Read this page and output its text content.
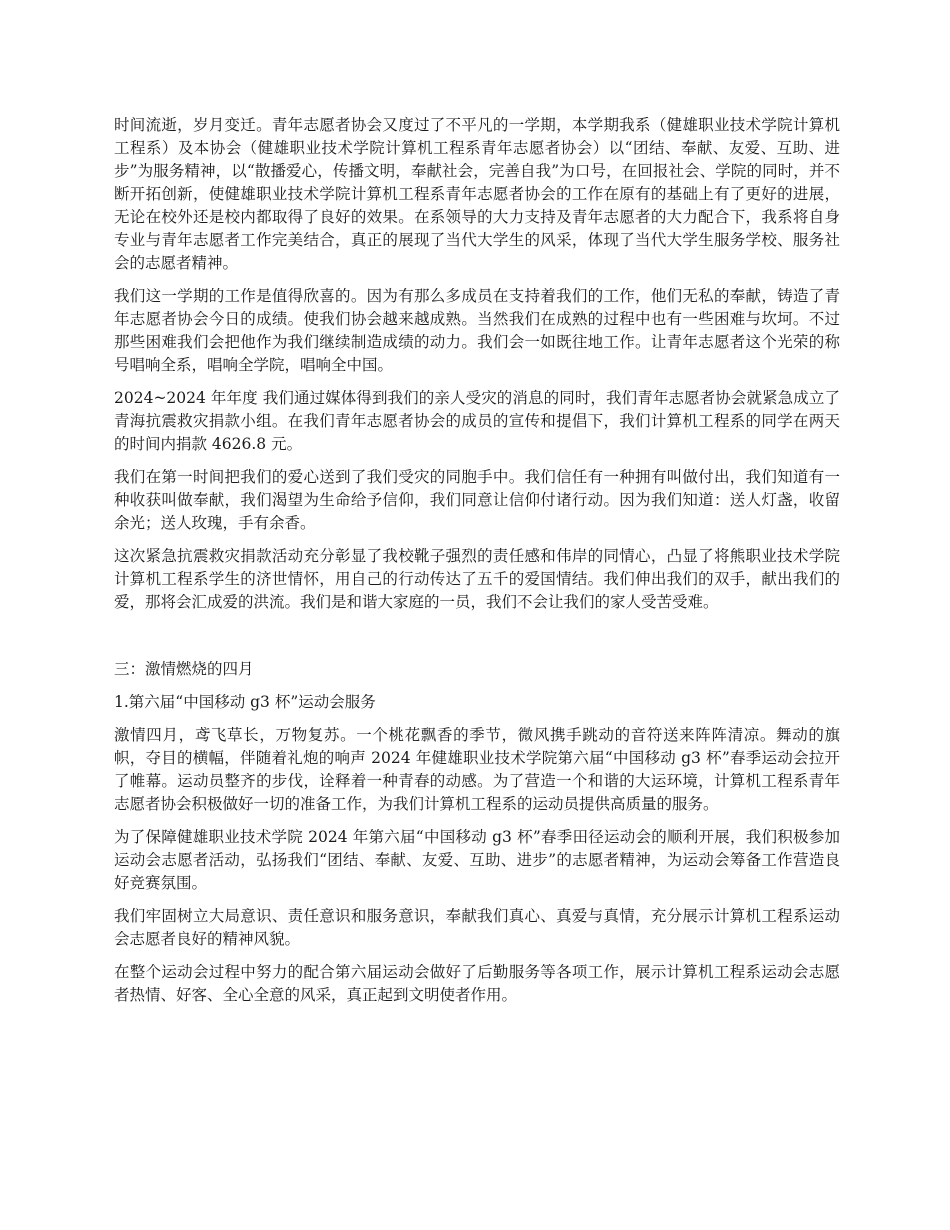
时间流逝，岁月变迁。青年志愿者协会又度过了不平凡的一学期，本学期我系（健雄职业技术学院计算机工程系）及本协会（健雄职业技术学院计算机工程系青年志愿者协会）以“团结、奉献、友爱、互助、进步”为服务精神，以“散播爱心，传播文明，奉献社会，完善自我”为口号，在回报社会、学院的同时，并不断开拓创新，使健雄职业技术学院计算机工程系青年志愿者协会的工作在原有的基础上有了更好的进展，无论在校外还是校内都取得了良好的效果。在系领导的大力支持及青年志愿者的大力配合下，我系将自身专业与青年志愿者工作完美结合，真正的展现了当代大学生的风采，体现了当代大学生服务学校、服务社会的志愿者精神。

我们这一学期的工作是值得欣喜的。因为有那么多成员在支持着我们的工作，他们无私的奉献，铸造了青年志愿者协会今日的成绩。使我们协会越来越成熟。当然我们在成熟的过程中也有一些困难与坎坷。不过那些困难我们会把他作为我们继续制造成绩的动力。我们会一如既往地工作。让青年志愿者这个光荣的称号唱响全系，唱响全学院，唱响全中国。

2024~2024 年年度 我们通过媒体得到我们的亲人受灾的消息的同时，我们青年志愿者协会就紧急成立了青海抗震救灾捐款小组。在我们青年志愿者协会的成员的宣传和提倡下，我们计算机工程系的同学在两天的时间内捐款 4626.8 元。

我们在第一时间把我们的爱心送到了我们受灾的同胞手中。我们信任有一种拥有叫做付出，我们知道有一种收获叫做奉献，我们渴望为生命给予信仰，我们同意让信仰付诸行动。因为我们知道：送人灯盏，收留余光；送人玫瑰，手有余香。

这次紧急抗震救灾捐款活动充分彰显了我校靴子强烈的责任感和伟岸的同情心，凸显了将熊职业技术学院计算机工程系学生的济世情怀，用自己的行动传达了五千的爱国情结。我们伸出我们的双手，献出我们的爱，那将会汇成爱的洪流。我们是和谐大家庭的一员，我们不会让我们的家人受苦受难。

三：激情燃烧的四月

1.第六届“中国移动 g3 杯”运动会服务

激情四月，鸢飞草长，万物复苏。一个桃花飘香的季节，微风携手跳动的音符送来阵阵清凉。舞动的旗帜，夺目的横幅，伴随着礼炮的响声 2024 年健雄职业技术学院第六届“中国移动 g3 杯”春季运动会拉开了帷幕。运动员整齐的步伐，诠释着一种青春的动感。为了营造一个和谐的大运环境，计算机工程系青年志愿者协会积极做好一切的准备工作，为我们计算机工程系的运动员提供高质量的服务。

为了保障健雄职业技术学院 2024 年第六届“中国移动 g3 杯”春季田径运动会的顺利开展，我们积极参加运动会志愿者活动，弘扬我们“团结、奉献、友爱、互助、进步”的志愿者精神，为运动会筹备工作营造良好竞赛氛围。

我们牢固树立大局意识、责任意识和服务意识，奉献我们真心、真爱与真情，充分展示计算机工程系运动会志愿者良好的精神风貌。

在整个运动会过程中努力的配合第六届运动会做好了后勤服务等各项工作，展示计算机工程系运动会志愿者热情、好客、全心全意的风采，真正起到文明使者作用。
